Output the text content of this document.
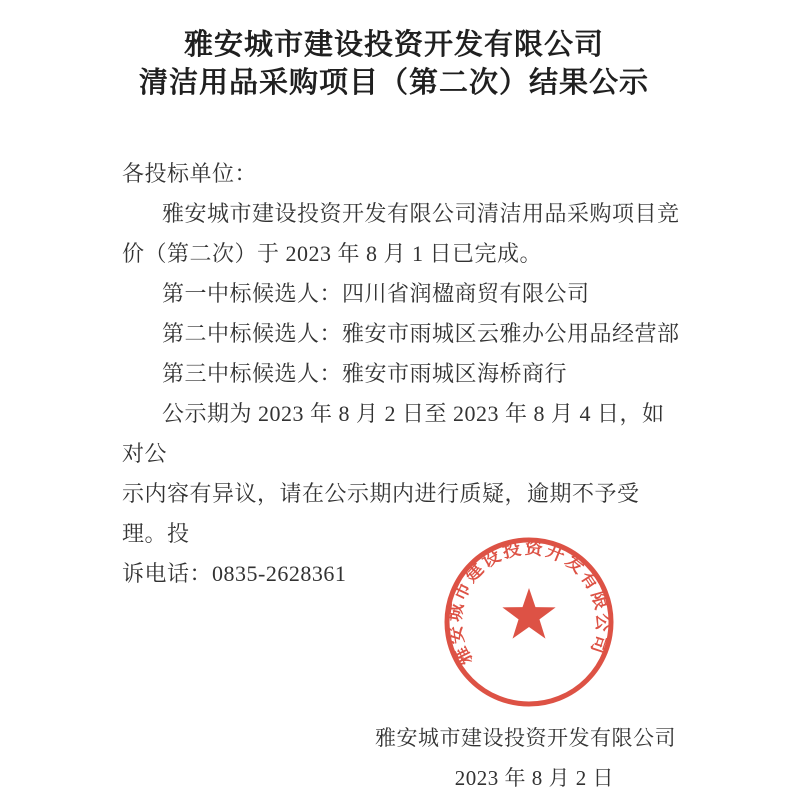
雅安城市建设投资开发有限公司
清洁用品采购项目（第二次）结果公示

各投标单位：

雅安城市建设投资开发有限公司清洁用品采购项目竞

价（第二次）于 2023 年 8 月 1 日已完成。

第一中标候选人：四川省润楹商贸有限公司

第二中标候选人：雅安市雨城区云雅办公用品经营部

第三中标候选人：雅安市雨城区海桥商行

公示期为 2023 年 8 月 2 日至 2023 年 8 月 4 日，如对公

示内容有异议，请在公示期内进行质疑，逾期不予受理。投

诉电话：0835-2628361

雅安城市建设投资开发有限公司

2023 年 8 月 2 日

雅安城市建设投资开发有限公司
